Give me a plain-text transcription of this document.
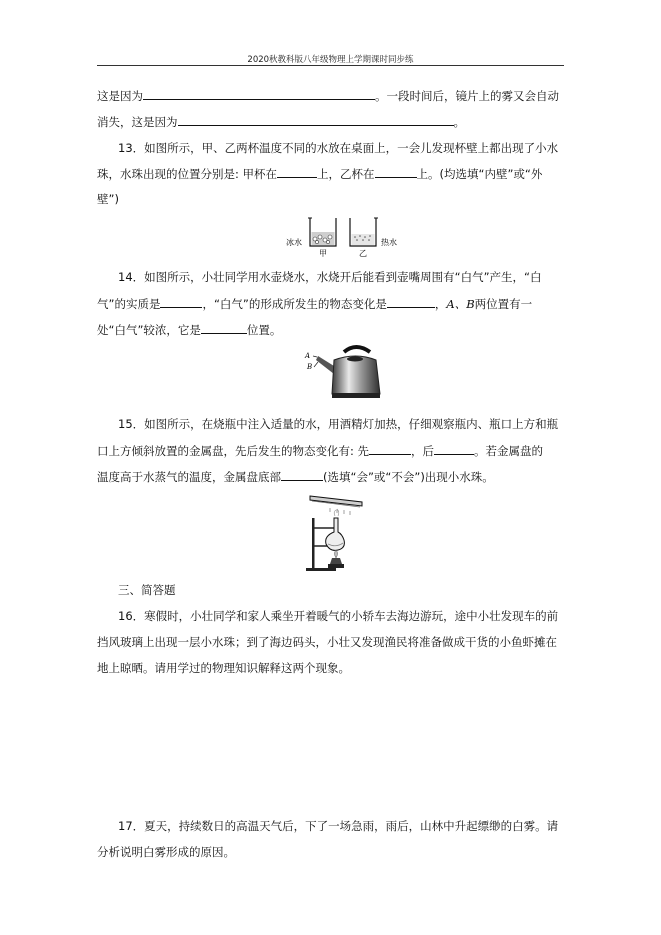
2020秋教科版八年级物理上学期课时同步练
这是因为	。一段时间后，镜片上的雾又会自动
消失，这是因为	。
13．如图所示，甲、乙两杯温度不同的水放在桌面上，一会儿发现杯壁上都出现了小水
珠，水珠出现的位置分别是: 甲杯在	上，乙杯在	上。(均选填“内壁”或“外
壁”)
冰水	热水
甲	乙
14．如图所示，小壮同学用水壶烧水，水烧开后能看到壶嘴周围有“白气”产生，“白
气”的实质是	，“白气”的形成所发生的物态变化是	，A、B两位置有一
处“白气”较浓，它是	位置。
A
B
15．如图所示，在烧瓶中注入适量的水，用酒精灯加热，仔细观察瓶内、瓶口上方和瓶
口上方倾斜放置的金属盘，先后发生的物态变化有: 先	，后	。若金属盘的
温度高于水蒸气的温度，金属盘底部	(选填“会”或“不会”)出现小水珠。
三、简答题
16．寒假时，小壮同学和家人乘坐开着暖气的小轿车去海边游玩，途中小壮发现车的前
挡风玻璃上出现一层小水珠；到了海边码头，小壮又发现渔民将准备做成干货的小鱼虾摊在
地上晾晒。请用学过的物理知识解释这两个现象。
17．夏天，持续数日的高温天气后，下了一场急雨，雨后，山林中升起缥缈的白雾。请
分析说明白雾形成的原因。
